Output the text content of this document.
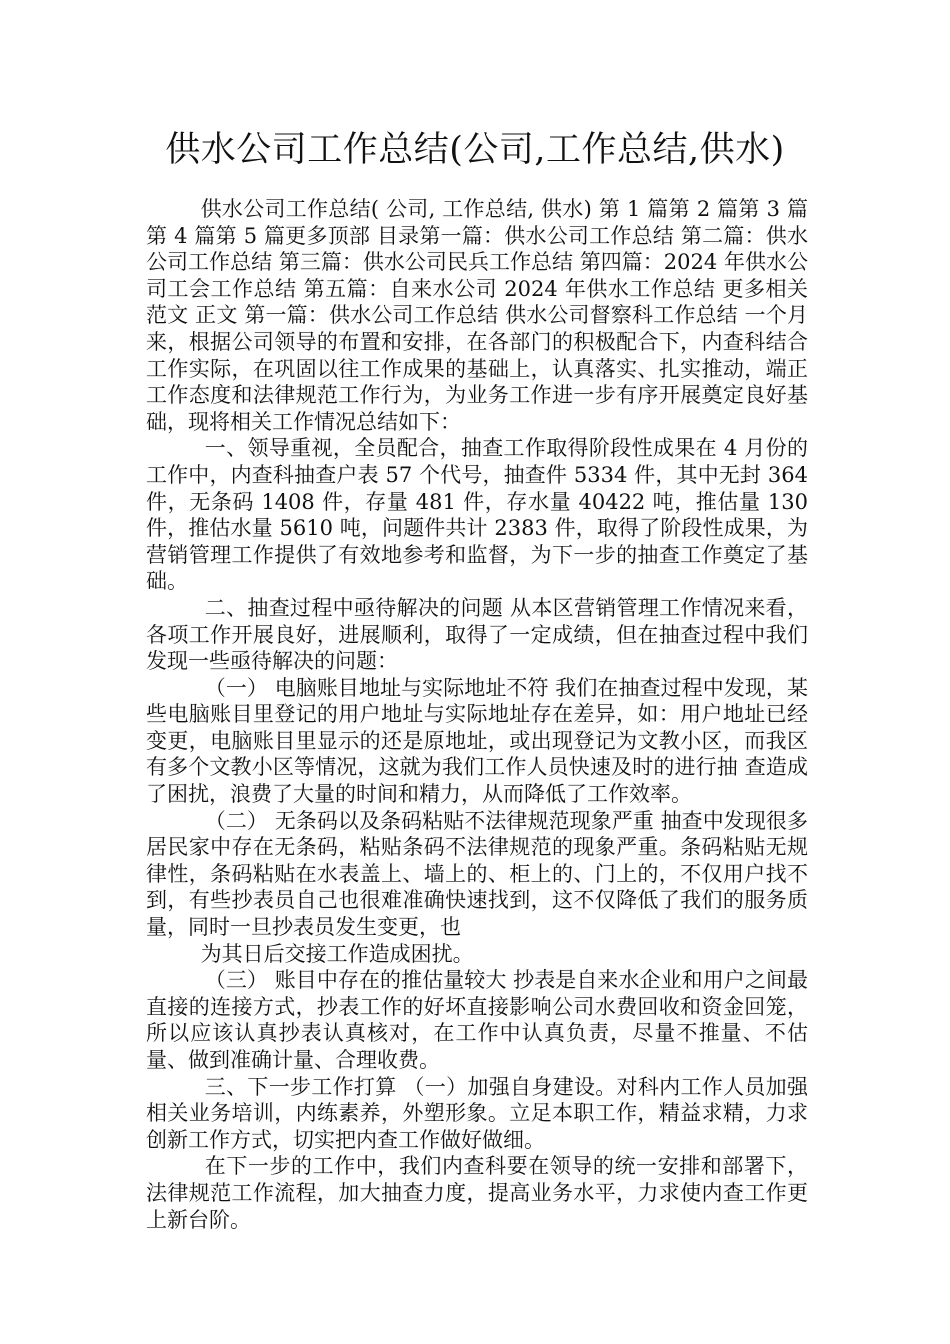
供水公司工作总结(公司,工作总结,供水)

供水公司工作总结( 公司, 工作总结, 供水) 第 1 篇第 2 篇第 3 篇第 4 篇第 5 篇更多顶部 目录第一篇：供水公司工作总结 第二篇：供水公司工作总结 第三篇：供水公司民兵工作总结 第四篇：2024 年供水公司工会工作总结 第五篇：自来水公司 2024 年供水工作总结 更多相关范文 正文 第一篇：供水公司工作总结 供水公司督察科工作总结 一个月来，根据公司领导的布置和安排，在各部门的积极配合下，内查科结合工作实际，在巩固以往工作成果的基础上，认真落实、扎实推动，端正工作态度和法律规范工作行为，为业务工作进一步有序开展奠定良好基础，现将相关工作情况总结如下：

一、领导重视，全员配合，抽查工作取得阶段性成果在 4 月份的工作中，内查科抽查户表 57 个代号，抽查件 5334 件，其中无封 364 件，无条码 1408 件，存量 481 件，存水量 40422 吨，推估量 130 件，推估水量 5610 吨，问题件共计 2383 件，取得了阶段性成果，为营销管理工作提供了有效地参考和监督，为下一步的抽查工作奠定了基础。

二、抽查过程中亟待解决的问题 从本区营销管理工作情况来看，各项工作开展良好，进展顺利，取得了一定成绩，但在抽查过程中我们发现一些亟待解决的问题：

（一） 电脑账目地址与实际地址不符 我们在抽查过程中发现，某些电脑账目里登记的用户地址与实际地址存在差异，如：用户地址已经变更，电脑账目里显示的还是原地址，或出现登记为文教小区，而我区有多个文教小区等情况，这就为我们工作人员快速及时的进行抽 查造成了困扰，浪费了大量的时间和精力，从而降低了工作效率。

（二） 无条码以及条码粘贴不法律规范现象严重 抽查中发现很多居民家中存在无条码，粘贴条码不法律规范的现象严重。条码粘贴无规律性，条码粘贴在水表盖上、墙上的、柜上的、门上的，不仅用户找不到，有些抄表员自己也很难准确快速找到，这不仅降低了我们的服务质量，同时一旦抄表员发生变更，也

为其日后交接工作造成困扰。

（三） 账目中存在的推估量较大 抄表是自来水企业和用户之间最直接的连接方式，抄表工作的好坏直接影响公司水费回收和资金回笼，所以应该认真抄表认真核对，在工作中认真负责，尽量不推量、不估量、做到准确计量、合理收费。

三、下一步工作打算 （一）加强自身建设。对科内工作人员加强相关业务培训，内练素养，外塑形象。立足本职工作，精益求精，力求创新工作方式，切实把内查工作做好做细。

在下一步的工作中，我们内查科要在领导的统一安排和部署下，法律规范工作流程，加大抽查力度，提高业务水平，力求使内查工作更上新台阶。
